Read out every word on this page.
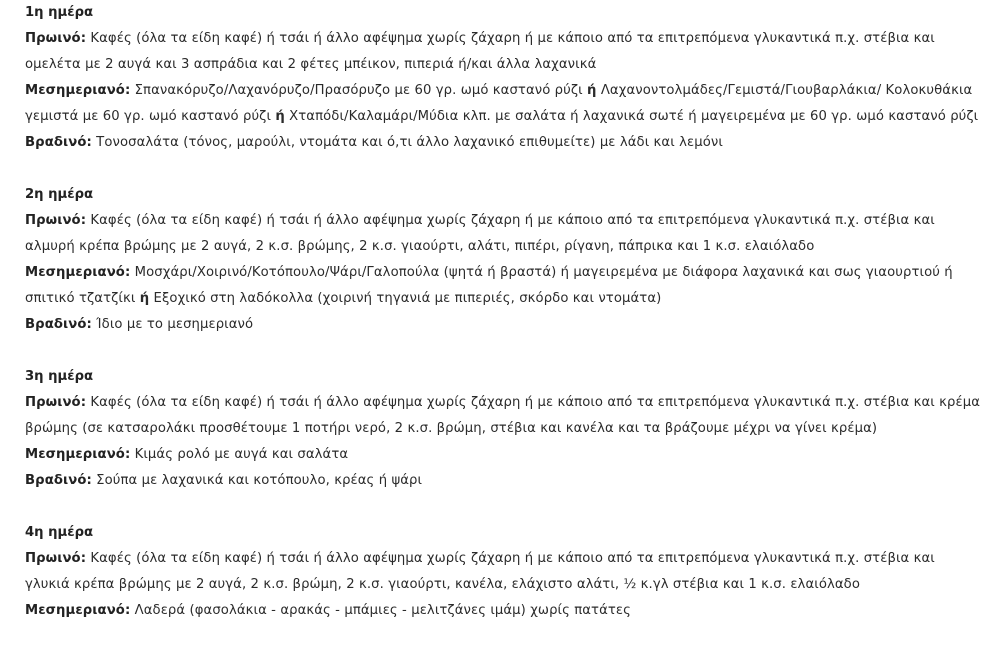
1η ημέρα

Πρωινό: Καφές (όλα τα είδη καφέ) ή τσάι ή άλλο αφέψημα χωρίς ζάχαρη ή με κάποιο από τα επιτρεπόμενα γλυκαντικά π.χ. στέβια και ομελέτα με 2 αυγά και 3 ασπράδια και 2 φέτες μπέικον, πιπεριά ή/και άλλα λαχανικά

Μεσημεριανό: Σπανακόρυζο/Λαχανόρυζο/Πρασόρυζο με 60 γρ. ωμό καστανό ρύζι ή Λαχανοντολμάδες/Γεμιστά/Γιουβαρλάκια/ Κολοκυθάκια γεμιστά με 60 γρ. ωμό καστανό ρύζι ή Χταπόδι/Καλαμάρι/Μύδια κλπ. με σαλάτα ή λαχανικά σωτέ ή μαγειρεμένα με 60 γρ. ωμό καστανό ρύζι

Βραδινό: Τονοσαλάτα (τόνος, μαρούλι, ντομάτα και ό,τι άλλο λαχανικό επιθυμείτε) με λάδι και λεμόνι

2η ημέρα

Πρωινό: Καφές (όλα τα είδη καφέ) ή τσάι ή άλλο αφέψημα χωρίς ζάχαρη ή με κάποιο από τα επιτρεπόμενα γλυκαντικά π.χ. στέβια και αλμυρή κρέπα βρώμης με 2 αυγά, 2 κ.σ. βρώμης, 2 κ.σ. γιαούρτι, αλάτι, πιπέρι, ρίγανη, πάπρικα και 1 κ.σ. ελαιόλαδο

Μεσημεριανό: Μοσχάρι/Χοιρινό/Κοτόπουλο/Ψάρι/Γαλοπούλα (ψητά ή βραστά) ή μαγειρεμένα με διάφορα λαχανικά και σως γιαουρτιού ή σπιτικό τζατζίκι ή Εξοχικό στη λαδόκολλα (χοιρινή τηγανιά με πιπεριές, σκόρδο και ντομάτα)

Βραδινό: Ίδιο με το μεσημεριανό

3η ημέρα

Πρωινό: Καφές (όλα τα είδη καφέ) ή τσάι ή άλλο αφέψημα χωρίς ζάχαρη ή με κάποιο από τα επιτρεπόμενα γλυκαντικά π.χ. στέβια και κρέμα βρώμης (σε κατσαρολάκι προσθέτουμε 1 ποτήρι νερό, 2 κ.σ. βρώμη, στέβια και κανέλα και τα βράζουμε μέχρι να γίνει κρέμα)

Μεσημεριανό: Κιμάς ρολό με αυγά και σαλάτα

Βραδινό: Σούπα με λαχανικά και κοτόπουλο, κρέας ή ψάρι

4η ημέρα

Πρωινό: Καφές (όλα τα είδη καφέ) ή τσάι ή άλλο αφέψημα χωρίς ζάχαρη ή με κάποιο από τα επιτρεπόμενα γλυκαντικά π.χ. στέβια και γλυκιά κρέπα βρώμης με 2 αυγά, 2 κ.σ. βρώμη, 2 κ.σ. γιαούρτι, κανέλα, ελάχιστο αλάτι, ½ κ.γλ στέβια και 1 κ.σ. ελαιόλαδο

Μεσημεριανό: Λαδερά (φασολάκια - αρακάς - μπάμιες - μελιτζάνες ιμάμ) χωρίς πατάτες
